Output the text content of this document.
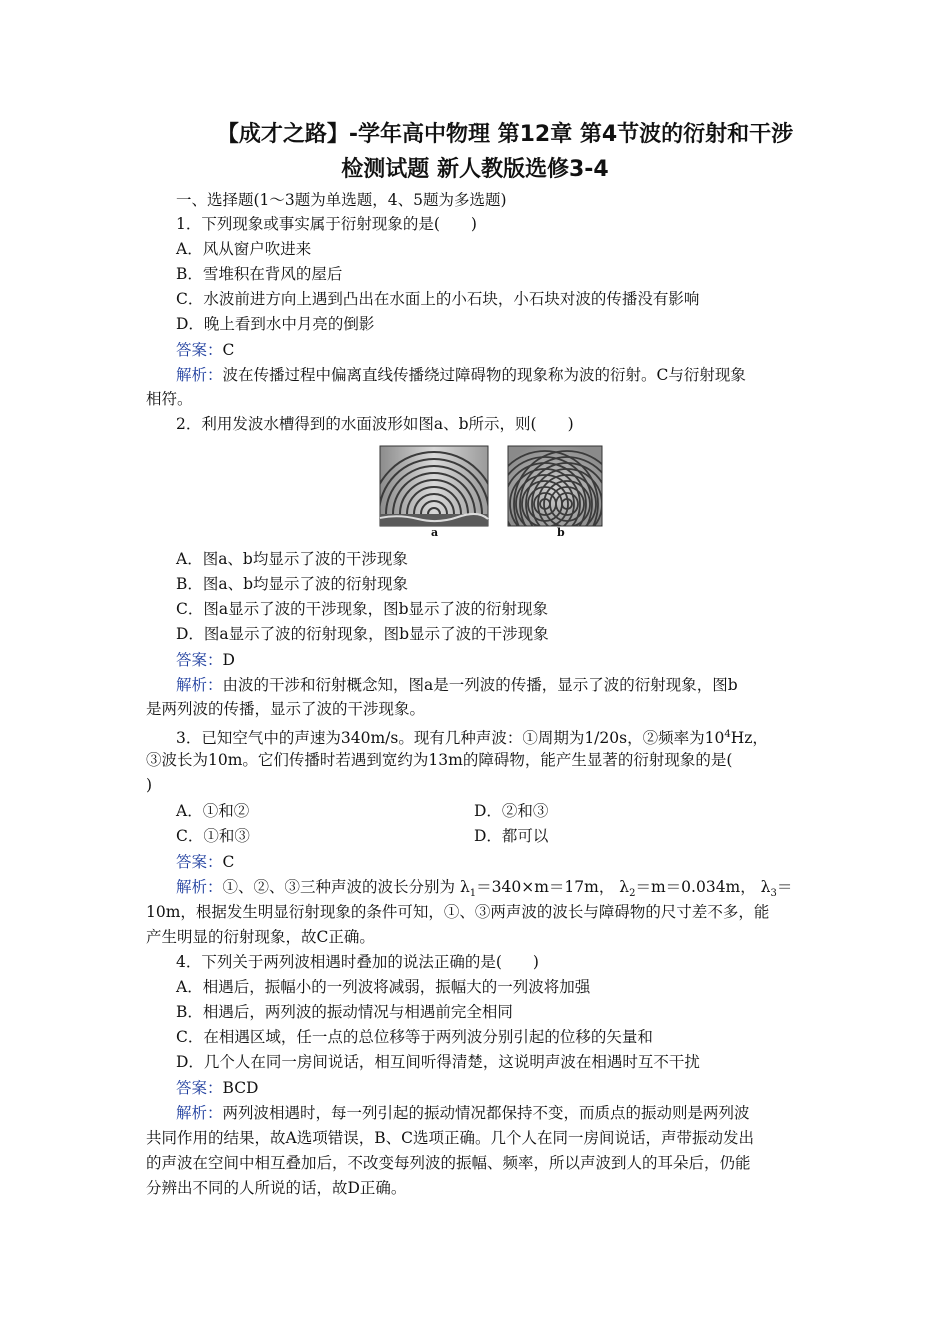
【成才之路】-学年高中物理 第12章 第4节波的衍射和干涉
检测试题 新人教版选修3-4
一、选择题(1～3题为单选题，4、5题为多选题)
1．下列现象或事实属于衍射现象的是(　　)
A．风从窗户吹进来
B．雪堆积在背风的屋后
C．水波前进方向上遇到凸出在水面上的小石块，小石块对波的传播没有影响
D．晚上看到水中月亮的倒影
答案：C
解析：波在传播过程中偏离直线传播绕过障碍物的现象称为波的衍射。C与衍射现象
相符。
2．利用发波水槽得到的水面波形如图a、b所示，则(　　)
a	b
A．图a、b均显示了波的干涉现象
B．图a、b均显示了波的衍射现象
C．图a显示了波的干涉现象，图b显示了波的衍射现象
D．图a显示了波的衍射现象，图b显示了波的干涉现象
答案：D
解析：由波的干涉和衍射概念知，图a是一列波的传播，显示了波的衍射现象，图b
是两列波的传播，显示了波的干涉现象。
3．已知空气中的声速为340m/s。现有几种声波：①周期为1/20s，②频率为$10^4Hz$，
③波长为10m。它们传播时若遇到宽约为13m的障碍物，能产生显著的衍射现象的是(
)
A．①和②	D．②和③
C．①和③	D．都可以
答案：C
解析：①、②、③三种声波的波长分别为 $\lambda_1=340\times m=17m$， $\lambda_2=m=0.034m$， $\lambda_3=$
10m，根据发生明显衍射现象的条件可知，①、③两声波的波长与障碍物的尺寸差不多，能
产生明显的衍射现象，故C正确。
4．下列关于两列波相遇时叠加的说法正确的是(　　)
A．相遇后，振幅小的一列波将减弱，振幅大的一列波将加强
B．相遇后，两列波的振动情况与相遇前完全相同
C．在相遇区域，任一点的总位移等于两列波分别引起的位移的矢量和
D．几个人在同一房间说话，相互间听得清楚，这说明声波在相遇时互不干扰
答案：BCD
解析：两列波相遇时，每一列引起的振动情况都保持不变，而质点的振动则是两列波
共同作用的结果，故A选项错误，B、C选项正确。几个人在同一房间说话，声带振动发出
的声波在空间中相互叠加后，不改变每列波的振幅、频率，所以声波到人的耳朵后，仍能
分辨出不同的人所说的话，故D正确。
